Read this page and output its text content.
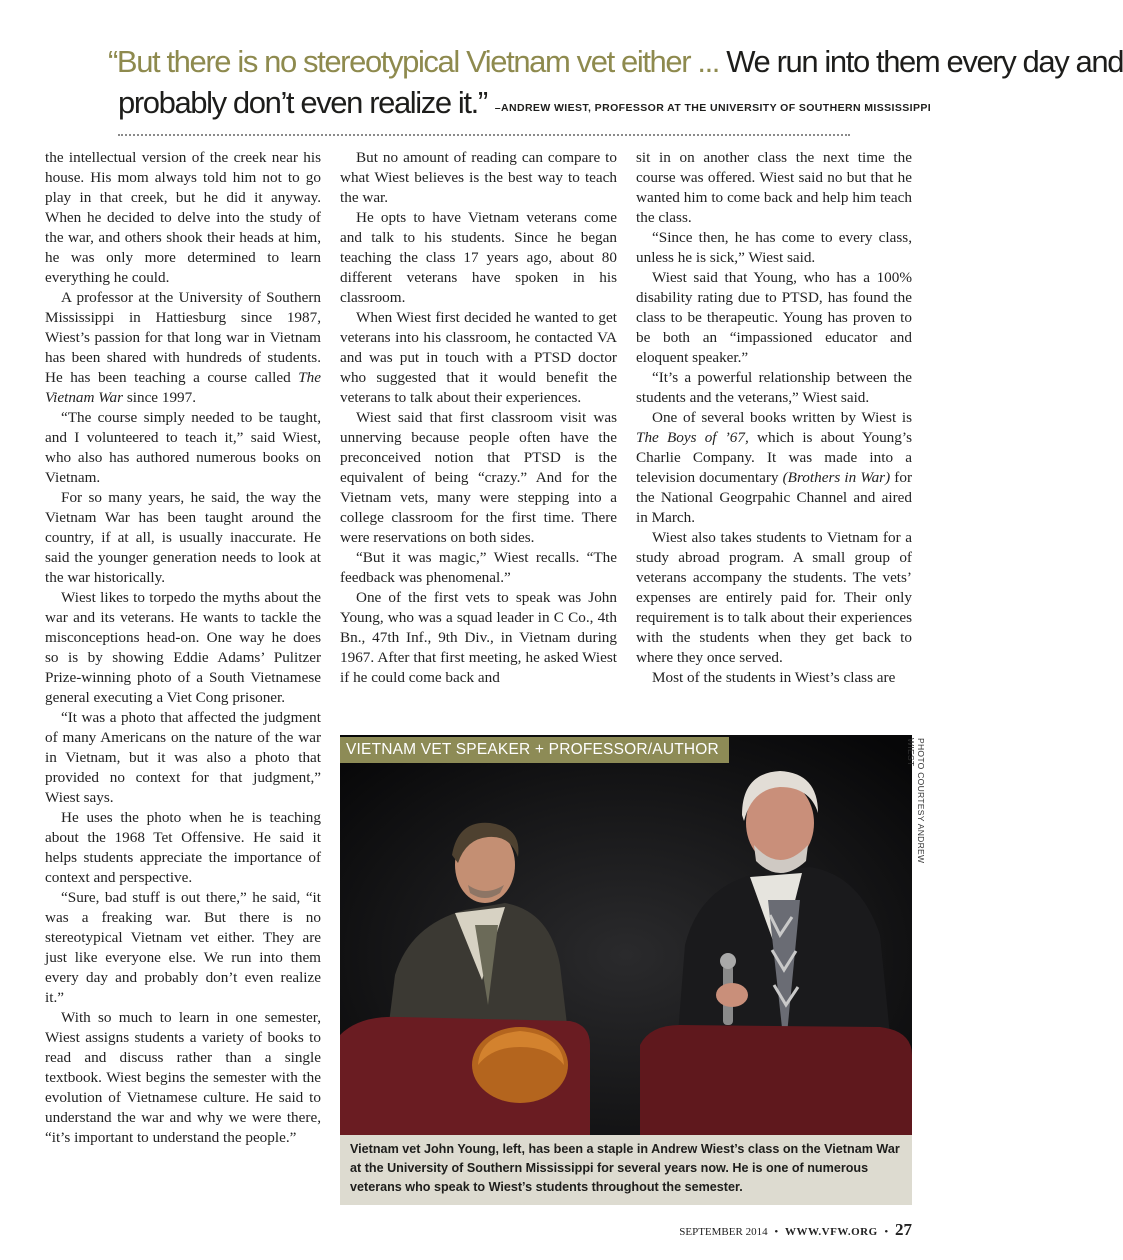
“But there is no stereotypical Vietnam vet either ... We run into them every day and
probably don’t even realize it.” –ANDREW WIEST, PROFESSOR AT THE UNIVERSITY OF SOUTHERN MISSISSIPPI

the intellectual version of the creek near his house. His mom always told him not to go play in that creek, but he did it anyway. When he decided to delve into the study of the war, and others shook their heads at him, he was only more determined to learn everything he could.

A professor at the University of Southern Mississippi in Hattiesburg since 1987, Wiest’s passion for that long war in Vietnam has been shared with hundreds of students. He has been teaching a course called The Vietnam War since 1997.

“The course simply needed to be taught, and I volunteered to teach it,” said Wiest, who also has authored numerous books on Vietnam.

For so many years, he said, the way the Vietnam War has been taught around the country, if at all, is usually inaccurate. He said the younger generation needs to look at the war historically.

Wiest likes to torpedo the myths about the war and its veterans. He wants to tackle the misconceptions head-on. One way he does so is by showing Eddie Adams’ Pulitzer Prize-winning photo of a South Vietnamese general executing a Viet Cong prisoner.

“It was a photo that affected the judgment of many Americans on the nature of the war in Vietnam, but it was also a photo that provided no context for that judgment,” Wiest says.

He uses the photo when he is teaching about the 1968 Tet Offensive. He said it helps students appreciate the importance of context and perspective.

“Sure, bad stuff is out there,” he said, “it was a freaking war. But there is no stereotypical Vietnam vet either. They are just like everyone else. We run into them every day and probably don’t even realize it.”

With so much to learn in one semester, Wiest assigns students a variety of books to read and discuss rather than a single textbook. Wiest begins the semester with the evolution of Vietnamese culture. He said to understand the war and why we were there, “it’s important to understand the people.”

But no amount of reading can compare to what Wiest believes is the best way to teach the war.

He opts to have Vietnam veterans come and talk to his students. Since he began teaching the class 17 years ago, about 80 different veterans have spoken in his classroom.

When Wiest first decided he wanted to get veterans into his classroom, he contacted VA and was put in touch with a PTSD doctor who suggested that it would benefit the veterans to talk about their experiences.

Wiest said that first classroom visit was unnerving because people often have the preconceived notion that PTSD is the equivalent of being “crazy.” And for the Vietnam vets, many were stepping into a college classroom for the first time. There were reservations on both sides.

“But it was magic,” Wiest recalls. “The feedback was phenomenal.”

One of the first vets to speak was John Young, who was a squad leader in C Co., 4th Bn., 47th Inf., 9th Div., in Vietnam during 1967. After that first meeting, he asked Wiest if he could come back and

sit in on another class the next time the course was offered. Wiest said no but that he wanted him to come back and help him teach the class.

“Since then, he has come to every class, unless he is sick,” Wiest said.

Wiest said that Young, who has a 100% disability rating due to PTSD, has found the class to be therapeutic. Young has proven to be both an “impassioned educator and eloquent speaker.”

“It’s a powerful relationship between the students and the veterans,” Wiest said.

One of several books written by Wiest is The Boys of ’67, which is about Young’s Charlie Company. It was made into a television documentary (Brothers in War) for the National Geogrpahic Channel and aired in March.

Wiest also takes students to Vietnam for a study abroad program. A small group of veterans accompany the students. The vets’ expenses are entirely paid for. Their only requirement is to talk about their experiences with the students when they get back to where they once served.

Most of the students in Wiest’s class are

VIETNAM VET SPEAKER + PROFESSOR/AUTHOR
Vietnam vet John Young, left, has been a staple in Andrew Wiest’s class on the Vietnam War at the University of Southern Mississippi for several years now. He is one of numerous veterans who speak to Wiest’s students throughout the semester.
PHOTO COURTESY ANDREW WIEST
SEPTEMBER 2014 • WWW.VFW.ORG • 27
